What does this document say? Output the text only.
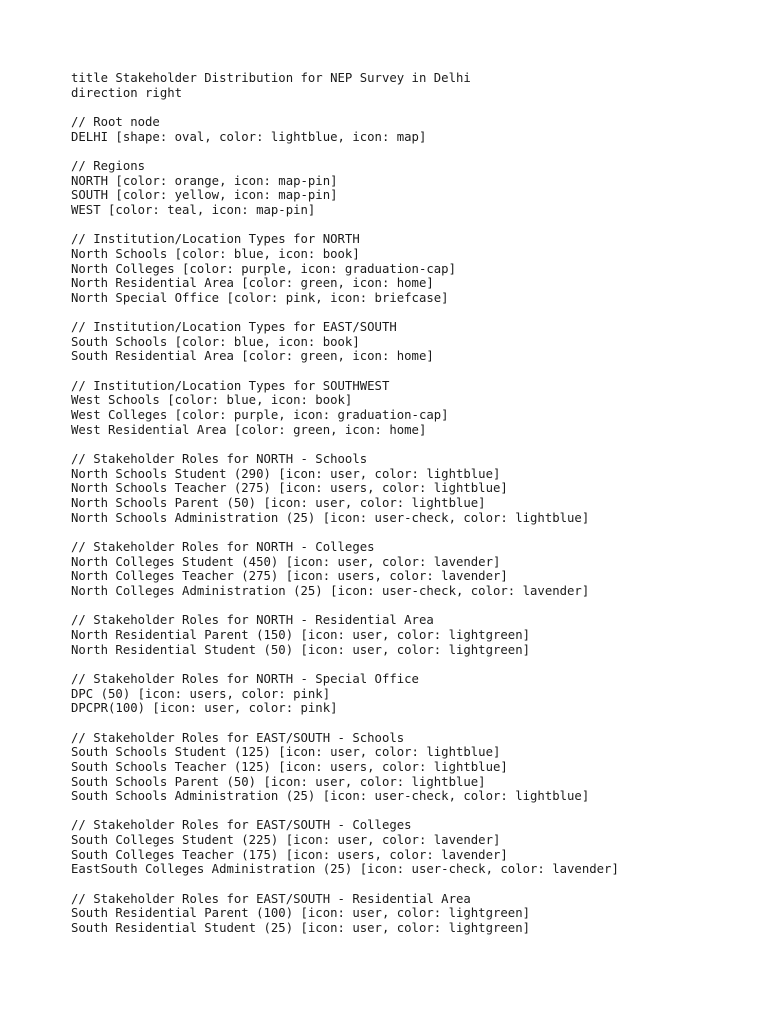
title Stakeholder Distribution for NEP Survey in Delhi
direction right
// Root node
DELHI [shape: oval, color: lightblue, icon: map]
// Regions
NORTH [color: orange, icon: map-pin]
SOUTH [color: yellow, icon: map-pin]
WEST [color: teal, icon: map-pin]
// Institution/Location Types for NORTH
North Schools [color: blue, icon: book]
North Colleges [color: purple, icon: graduation-cap]
North Residential Area [color: green, icon: home]
North Special Office [color: pink, icon: briefcase]
// Institution/Location Types for EAST/SOUTH
South Schools [color: blue, icon: book]
South Residential Area [color: green, icon: home]
// Institution/Location Types for SOUTHWEST
West Schools [color: blue, icon: book]
West Colleges [color: purple, icon: graduation-cap]
West Residential Area [color: green, icon: home]
// Stakeholder Roles for NORTH - Schools
North Schools Student (290) [icon: user, color: lightblue]
North Schools Teacher (275) [icon: users, color: lightblue]
North Schools Parent (50) [icon: user, color: lightblue]
North Schools Administration (25) [icon: user-check, color: lightblue]
// Stakeholder Roles for NORTH - Colleges
North Colleges Student (450) [icon: user, color: lavender]
North Colleges Teacher (275) [icon: users, color: lavender]
North Colleges Administration (25) [icon: user-check, color: lavender]
// Stakeholder Roles for NORTH - Residential Area
North Residential Parent (150) [icon: user, color: lightgreen]
North Residential Student (50) [icon: user, color: lightgreen]
// Stakeholder Roles for NORTH - Special Office
DPC (50) [icon: users, color: pink]
DPCPR(100) [icon: user, color: pink]
// Stakeholder Roles for EAST/SOUTH - Schools
South Schools Student (125) [icon: user, color: lightblue]
South Schools Teacher (125) [icon: users, color: lightblue]
South Schools Parent (50) [icon: user, color: lightblue]
South Schools Administration (25) [icon: user-check, color: lightblue]
// Stakeholder Roles for EAST/SOUTH - Colleges
South Colleges Student (225) [icon: user, color: lavender]
South Colleges Teacher (175) [icon: users, color: lavender]
EastSouth Colleges Administration (25) [icon: user-check, color: lavender]
// Stakeholder Roles for EAST/SOUTH - Residential Area
South Residential Parent (100) [icon: user, color: lightgreen]
South Residential Student (25) [icon: user, color: lightgreen]
